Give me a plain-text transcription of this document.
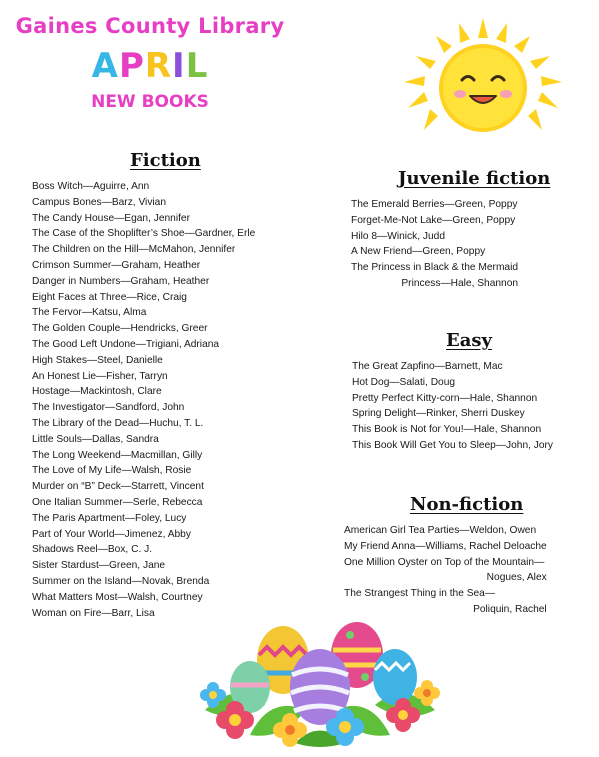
Gaines County Library
APRIL
NEW BOOKS
Fiction
Boss Witch—Aguirre, Ann
Campus Bones—Barz, Vivian
The Candy House—Egan, Jennifer
The Case of the Shoplifter’s Shoe—Gardner, Erle
The Children on the Hill—McMahon, Jennifer
Crimson Summer—Graham, Heather
Danger in Numbers—Graham, Heather
Eight Faces at Three—Rice, Craig
The Fervor—Katsu, Alma
The Golden Couple—Hendricks, Greer
The Good Left Undone—Trigiani, Adriana
High Stakes—Steel, Danielle
An Honest Lie—Fisher, Tarryn
Hostage—Mackintosh, Clare
The Investigator—Sandford, John
The Library of the Dead—Huchu, T. L.
Little Souls—Dallas, Sandra
The Long Weekend—Macmillan, Gilly
The Love of My Life—Walsh, Rosie
Murder on “B” Deck—Starrett, Vincent
One Italian Summer—Serle, Rebecca
The Paris Apartment—Foley, Lucy
Part of Your World—Jimenez, Abby
Shadows Reel—Box, C. J.
Sister Stardust—Green, Jane
Summer on the Island—Novak, Brenda
What Matters Most—Walsh, Courtney
Woman on Fire—Barr, Lisa
Juvenile fiction
The Emerald Berries—Green, Poppy
Forget-Me-Not Lake—Green, Poppy
Hilo 8—Winick, Judd
A New Friend—Green, Poppy
The Princess in Black & the Mermaid
Princess—Hale, Shannon
Easy
The Great Zapfino—Barnett, Mac
Hot Dog—Salati, Doug
Pretty Perfect Kitty-corn—Hale, Shannon
Spring Delight—Rinker, Sherri Duskey
This Book is Not for You!—Hale, Shannon
This Book Will Get You to Sleep—John, Jory
Non-fiction
American Girl Tea Parties—Weldon, Owen
My Friend Anna—Williams, Rachel Deloache
One Million Oyster on Top of the Mountain—
Nogues, Alex
The Strangest Thing in the Sea—
Poliquin, Rachel
